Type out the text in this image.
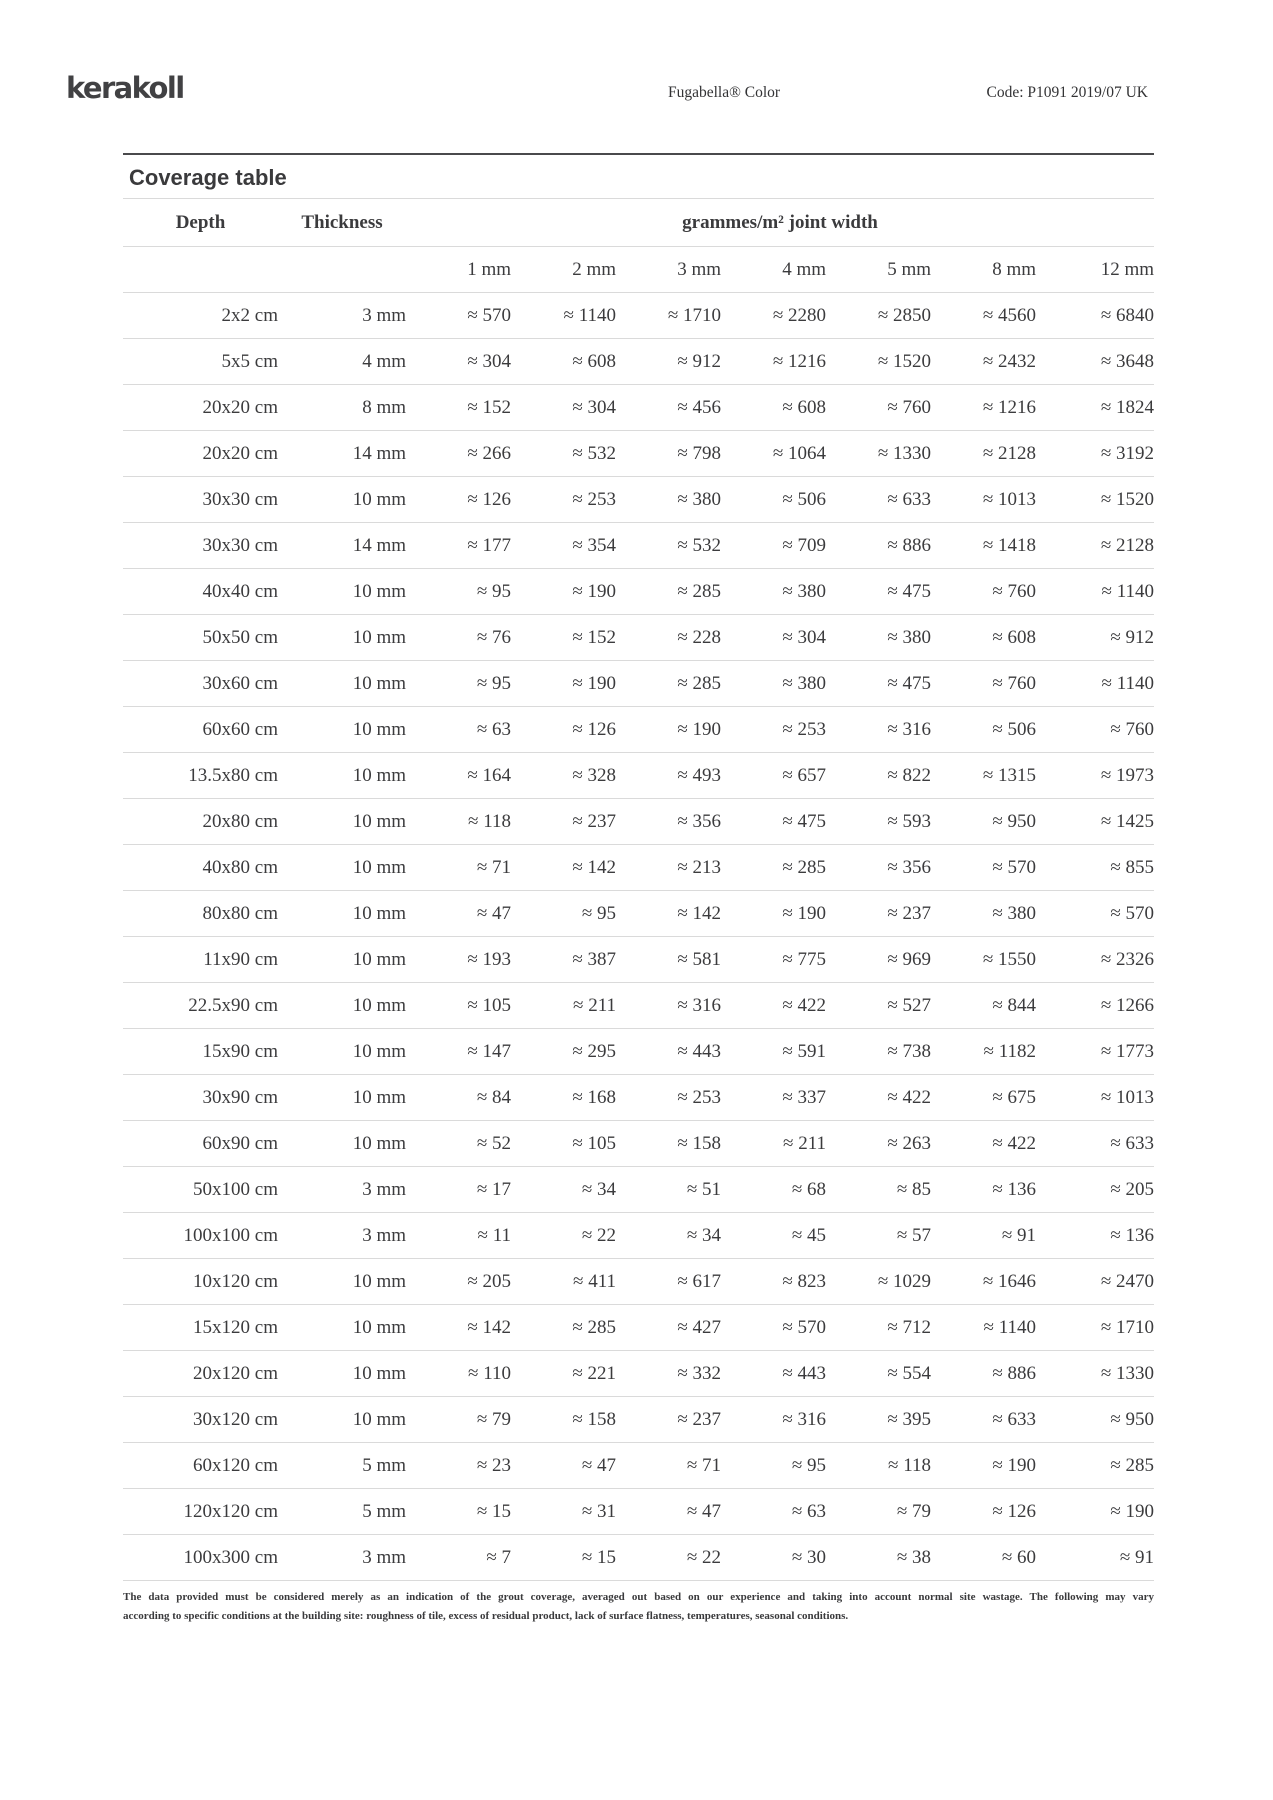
kerakoll	Fugabella® Color	Code: P1091 2019/07 UK
Coverage table
Depth	Thickness	grammes/m² joint width						
		1 mm	2 mm	3 mm	4 mm	5 mm	8 mm	12 mm
2x2 cm	3 mm	≈ 570	≈ 1140	≈ 1710	≈ 2280	≈ 2850	≈ 4560	≈ 6840
5x5 cm	4 mm	≈ 304	≈ 608	≈ 912	≈ 1216	≈ 1520	≈ 2432	≈ 3648
20x20 cm	8 mm	≈ 152	≈ 304	≈ 456	≈ 608	≈ 760	≈ 1216	≈ 1824
20x20 cm	14 mm	≈ 266	≈ 532	≈ 798	≈ 1064	≈ 1330	≈ 2128	≈ 3192
30x30 cm	10 mm	≈ 126	≈ 253	≈ 380	≈ 506	≈ 633	≈ 1013	≈ 1520
30x30 cm	14 mm	≈ 177	≈ 354	≈ 532	≈ 709	≈ 886	≈ 1418	≈ 2128
40x40 cm	10 mm	≈ 95	≈ 190	≈ 285	≈ 380	≈ 475	≈ 760	≈ 1140
50x50 cm	10 mm	≈ 76	≈ 152	≈ 228	≈ 304	≈ 380	≈ 608	≈ 912
30x60 cm	10 mm	≈ 95	≈ 190	≈ 285	≈ 380	≈ 475	≈ 760	≈ 1140
60x60 cm	10 mm	≈ 63	≈ 126	≈ 190	≈ 253	≈ 316	≈ 506	≈ 760
13.5x80 cm	10 mm	≈ 164	≈ 328	≈ 493	≈ 657	≈ 822	≈ 1315	≈ 1973
20x80 cm	10 mm	≈ 118	≈ 237	≈ 356	≈ 475	≈ 593	≈ 950	≈ 1425
40x80 cm	10 mm	≈ 71	≈ 142	≈ 213	≈ 285	≈ 356	≈ 570	≈ 855
80x80 cm	10 mm	≈ 47	≈ 95	≈ 142	≈ 190	≈ 237	≈ 380	≈ 570
11x90 cm	10 mm	≈ 193	≈ 387	≈ 581	≈ 775	≈ 969	≈ 1550	≈ 2326
22.5x90 cm	10 mm	≈ 105	≈ 211	≈ 316	≈ 422	≈ 527	≈ 844	≈ 1266
15x90 cm	10 mm	≈ 147	≈ 295	≈ 443	≈ 591	≈ 738	≈ 1182	≈ 1773
30x90 cm	10 mm	≈ 84	≈ 168	≈ 253	≈ 337	≈ 422	≈ 675	≈ 1013
60x90 cm	10 mm	≈ 52	≈ 105	≈ 158	≈ 211	≈ 263	≈ 422	≈ 633
50x100 cm	3 mm	≈ 17	≈ 34	≈ 51	≈ 68	≈ 85	≈ 136	≈ 205
100x100 cm	3 mm	≈ 11	≈ 22	≈ 34	≈ 45	≈ 57	≈ 91	≈ 136
10x120 cm	10 mm	≈ 205	≈ 411	≈ 617	≈ 823	≈ 1029	≈ 1646	≈ 2470
15x120 cm	10 mm	≈ 142	≈ 285	≈ 427	≈ 570	≈ 712	≈ 1140	≈ 1710
20x120 cm	10 mm	≈ 110	≈ 221	≈ 332	≈ 443	≈ 554	≈ 886	≈ 1330
30x120 cm	10 mm	≈ 79	≈ 158	≈ 237	≈ 316	≈ 395	≈ 633	≈ 950
60x120 cm	5 mm	≈ 23	≈ 47	≈ 71	≈ 95	≈ 118	≈ 190	≈ 285
120x120 cm	5 mm	≈ 15	≈ 31	≈ 47	≈ 63	≈ 79	≈ 126	≈ 190
100x300 cm	3 mm	≈ 7	≈ 15	≈ 22	≈ 30	≈ 38	≈ 60	≈ 91
The data provided must be considered merely as an indication of the grout coverage, averaged out based on our experience and taking into account normal site wastage. The following may vary
according to specific conditions at the building site: roughness of tile, excess of residual product, lack of surface flatness, temperatures, seasonal conditions.
